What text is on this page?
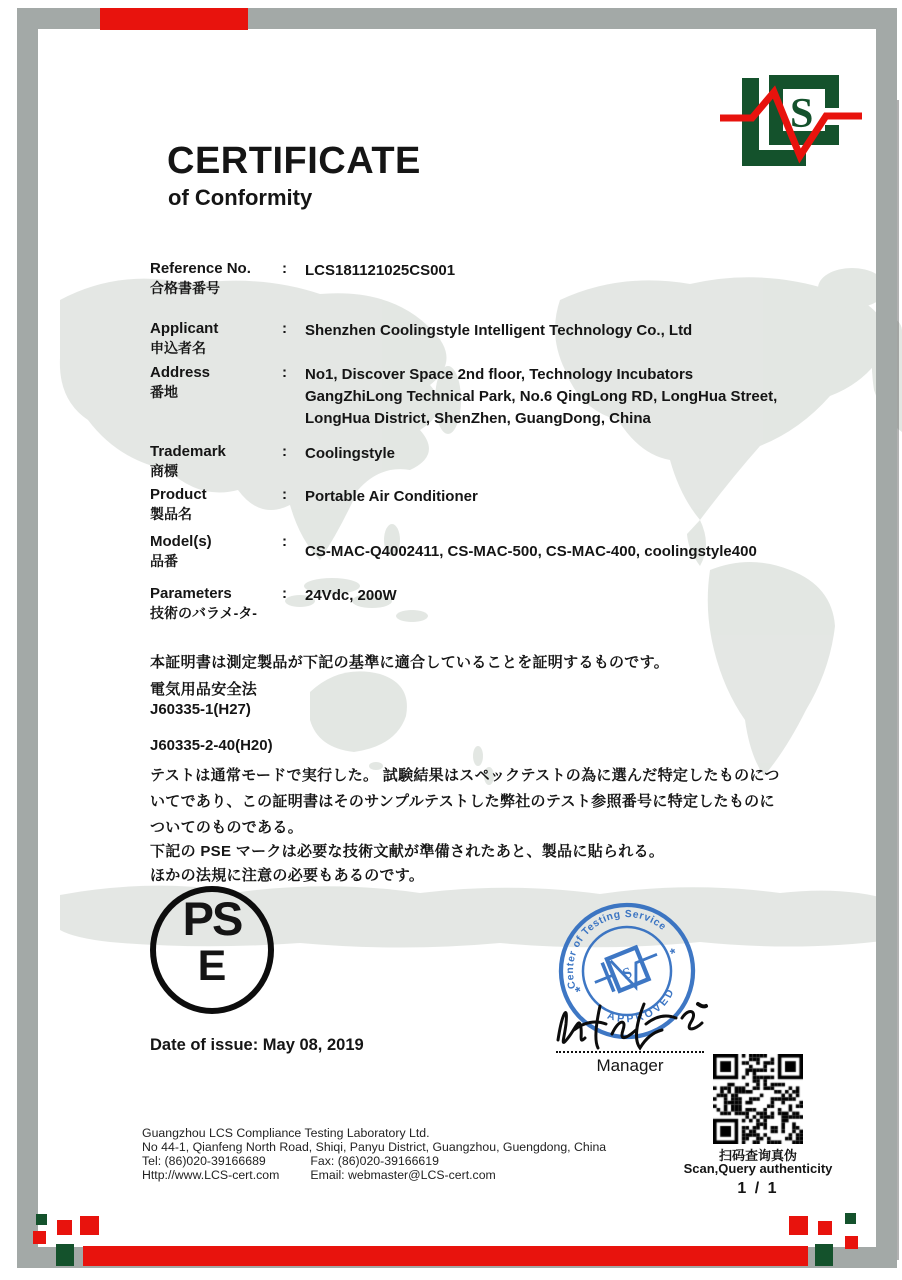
S
CERTIFICATE
of Conformity
Reference No.
合格書番号
: LCS181121025CS001
Applicant
申込者名
: Shenzhen Coolingstyle Intelligent Technology Co., Ltd
Address
番地
: No1, Discover Space 2nd floor, Technology Incubators
GangZhiLong Technical Park, No.6 QingLong RD, LongHua Street,
LongHua District, ShenZhen, GuangDong, China
Trademark
商標
: Coolingstyle
Product
製品名
: Portable Air Conditioner
Model(s)
品番
:
CS-MAC-Q4002411, CS-MAC-500, CS-MAC-400, coolingstyle400
Parameters
技術のバラメ-タ-
: 24Vdc, 200W
本証明書は測定製品が下記の基準に適合していることを証明するものです。
電気用品安全法
J60335-1(H27)
J60335-2-40(H20)
テストは通常モードで実行した。 試験結果はスペックテストの為に選んだ特定したものにつ
いてであり、この証明書はそのサンプルテストした弊社のテスト参照番号に特定したものに
ついてのものである。
下記の PSE マークは必要な技術文献が準備されたあと、製品に貼られる。
ほかの法規に注意の必要もあるのです。
PS
E
Date of issue: May 08, 2019
Center of Testing Service
APPROVED
*
*
S
Manager
扫码查询真伪
Scan,Query authenticity
1 / 1
Guangzhou LCS Compliance Testing Laboratory Ltd.
No 44-1, Qianfeng North Road, Shiqi, Panyu District, Guangzhou, Guengdong, China
Tel: (86)020-39166689	Fax: (86)020-39166619
Http://www.LCS-cert.com	Email: webmaster@LCS-cert.com
